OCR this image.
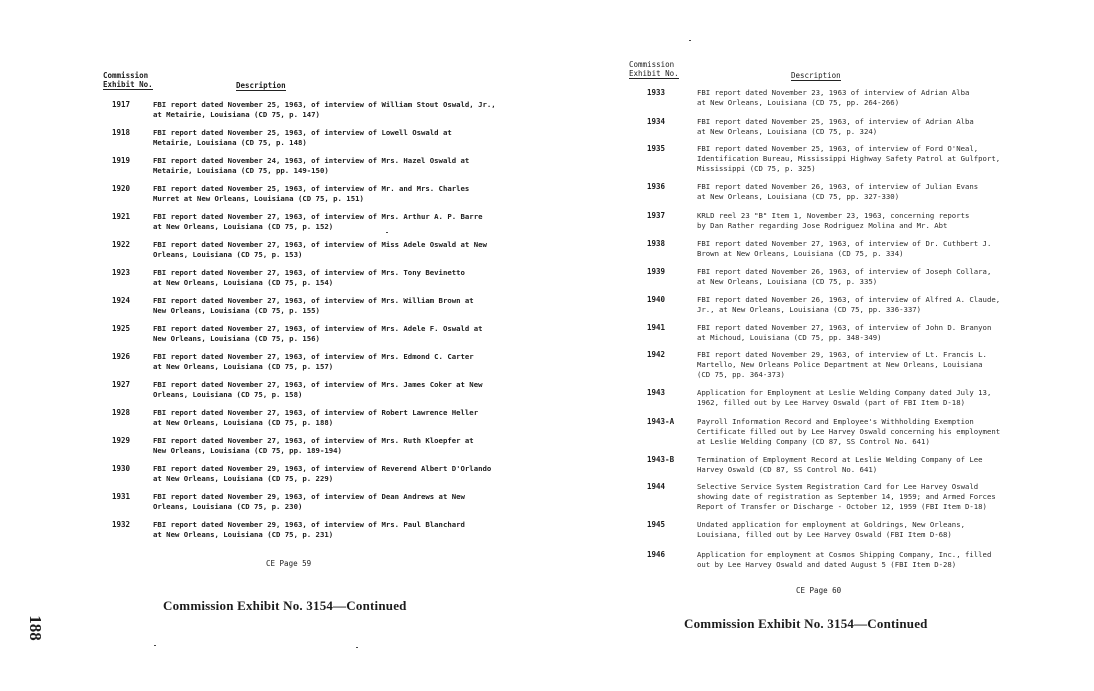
Commission
Exhibit No.	Description
1917	FBI report dated November 25, 1963, of interview of William Stout Oswald, Jr.,
at Metairie, Louisiana (CD 75, p. 147)
1918	FBI report dated November 25, 1963, of interview of Lowell Oswald at
Metairie, Louisiana (CD 75, p. 148)
1919	FBI report dated November 24, 1963, of interview of Mrs. Hazel Oswald at
Metairie, Louisiana (CD 75, pp. 149-150)
1920	FBI report dated November 25, 1963, of interview of Mr. and Mrs. Charles
Murret at New Orleans, Louisiana (CD 75, p. 151)
1921	FBI report dated November 27, 1963, of interview of Mrs. Arthur A. P. Barre
at New Orleans, Louisiana (CD 75, p. 152)
1922	FBI report dated November 27, 1963, of interview of Miss Adele Oswald at New
Orleans, Louisiana (CD 75, p. 153)
1923	FBI report dated November 27, 1963, of interview of Mrs. Tony Bevinetto
at New Orleans, Louisiana (CD 75, p. 154)
1924	FBI report dated November 27, 1963, of interview of Mrs. William Brown at
New Orleans, Louisiana (CD 75, p. 155)
1925	FBI report dated November 27, 1963, of interview of Mrs. Adele F. Oswald at
New Orleans, Louisiana (CD 75, p. 156)
1926	FBI report dated November 27, 1963, of interview of Mrs. Edmond C. Carter
at New Orleans, Louisiana (CD 75, p. 157)
1927	FBI report dated November 27, 1963, of interview of Mrs. James Coker at New
Orleans, Louisiana (CD 75, p. 158)
1928	FBI report dated November 27, 1963, of interview of Robert Lawrence Heller
at New Orleans, Louisiana (CD 75, p. 188)
1929	FBI report dated November 27, 1963, of interview of Mrs. Ruth Kloepfer at
New Orleans, Louisiana (CD 75, pp. 189-194)
1930	FBI report dated November 29, 1963, of interview of Reverend Albert D'Orlando
at New Orleans, Louisiana (CD 75, p. 229)
1931	FBI report dated November 29, 1963, of interview of Dean Andrews at New
Orleans, Louisiana (CD 75, p. 230)
1932	FBI report dated November 29, 1963, of interview of Mrs. Paul Blanchard
at New Orleans, Louisiana (CD 75, p. 231)
CE Page 59
Commission Exhibit No. 3154—Continued
188
Commission
Exhibit No.	Description
1933	FBI report dated November 23, 1963 of interview of Adrian Alba
at New Orleans, Louisiana (CD 75, pp. 264-266)
1934	FBI report dated November 25, 1963, of interview of Adrian Alba
at New Orleans, Louisiana (CD 75, p. 324)
1935	FBI report dated November 25, 1963, of interview of Ford O'Neal,
Identification Bureau, Mississippi Highway Safety Patrol at Gulfport,
Mississippi (CD 75, p. 325)
1936	FBI report dated November 26, 1963, of interview of Julian Evans
at New Orleans, Louisiana (CD 75, pp. 327-330)
1937	KRLD reel 23 "B" Item 1, November 23, 1963, concerning reports
by Dan Rather regarding Jose Rodriguez Molina and Mr. Abt
1938	FBI report dated November 27, 1963, of interview of Dr. Cuthbert J.
Brown at New Orleans, Louisiana (CD 75, p. 334)
1939	FBI report dated November 26, 1963, of interview of Joseph Collara,
at New Orleans, Louisiana (CD 75, p. 335)
1940	FBI report dated November 26, 1963, of interview of Alfred A. Claude,
Jr., at New Orleans, Louisiana (CD 75, pp. 336-337)
1941	FBI report dated November 27, 1963, of interview of John D. Branyon
at Michoud, Louisiana (CD 75, pp. 348-349)
1942	FBI report dated November 29, 1963, of interview of Lt. Francis L.
Martello, New Orleans Police Department at New Orleans, Louisiana
(CD 75, pp. 364-373)
1943	Application for Employment at Leslie Welding Company dated July 13,
1962, filled out by Lee Harvey Oswald (part of FBI Item D-18)
1943-A	Payroll Information Record and Employee's Withholding Exemption
Certificate filled out by Lee Harvey Oswald concerning his employment
at Leslie Welding Company (CD 87, SS Control No. 641)
1943-B	Termination of Employment Record at Leslie Welding Company of Lee
Harvey Oswald (CD 87, SS Control No. 641)
1944	Selective Service System Registration Card for Lee Harvey Oswald
showing date of registration as September 14, 1959; and Armed Forces
Report of Transfer or Discharge - October 12, 1959 (FBI Item D-18)
1945	Undated application for employment at Goldrings, New Orleans,
Louisiana, filled out by Lee Harvey Oswald (FBI Item D-68)
1946	Application for employment at Cosmos Shipping Company, Inc., filled
out by Lee Harvey Oswald and dated August 5 (FBI Item D-28)
CE Page 60
Commission Exhibit No. 3154—Continued
